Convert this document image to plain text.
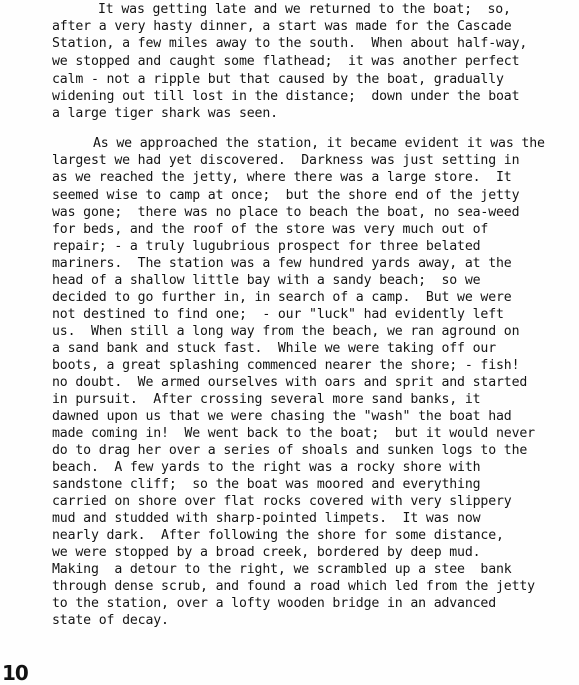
It was getting late and we returned to the boat;  so,
after a very hasty dinner, a start was made for the Cascade
Station, a few miles away to the south.  When about half-way,
we stopped and caught some flathead;  it was another perfect
calm - not a ripple but that caused by the boat, gradually
widening out till lost in the distance;  down under the boat
a large tiger shark was seen.
As we approached the station, it became evident it was the
largest we had yet discovered.  Darkness was just setting in
as we reached the jetty, where there was a large store.  It
seemed wise to camp at once;  but the shore end of the jetty
was gone;  there was no place to beach the boat, no sea-weed
for beds, and the roof of the store was very much out of
repair; - a truly lugubrious prospect for three belated
mariners.  The station was a few hundred yards away, at the
head of a shallow little bay with a sandy beach;  so we
decided to go further in, in search of a camp.  But we were
not destined to find one;  - our "luck" had evidently left
us.  When still a long way from the beach, we ran aground on
a sand bank and stuck fast.  While we were taking off our
boots, a great splashing commenced nearer the shore; - fish!
no doubt.  We armed ourselves with oars and sprit and started
in pursuit.  After crossing several more sand banks, it
dawned upon us that we were chasing the "wash" the boat had
made coming in!  We went back to the boat;  but it would never
do to drag her over a series of shoals and sunken logs to the
beach.  A few yards to the right was a rocky shore with
sandstone cliff;  so the boat was moored and everything
carried on shore over flat rocks covered with very slippery
mud and studded with sharp-pointed limpets.  It was now
nearly dark.  After following the shore for some distance,
we were stopped by a broad creek, bordered by deep mud.
Making  a detour to the right, we scrambled up a stee  bank
through dense scrub, and found a road which led from the jetty
to the station, over a lofty wooden bridge in an advanced
state of decay.
10
